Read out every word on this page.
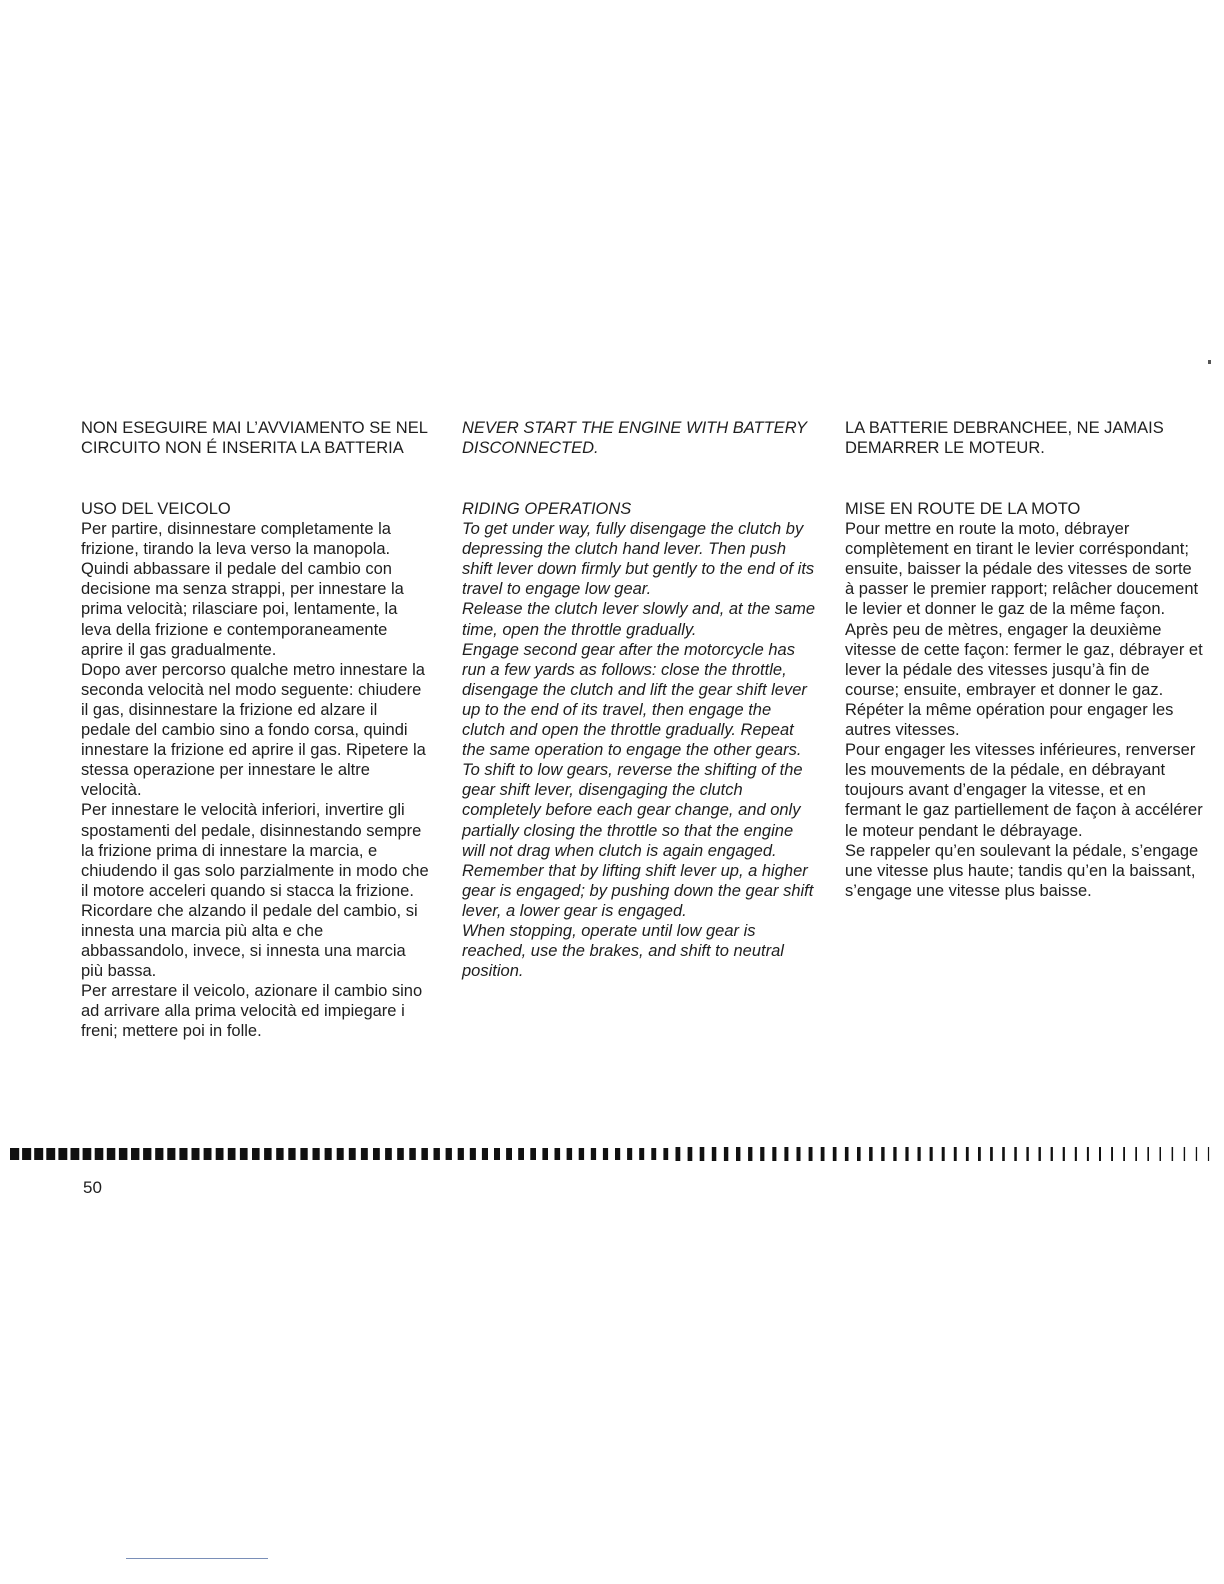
NON ESEGUIRE MAI L’AVVIAMENTO SE NEL CIRCUITO NON É INSERITA LA BATTERIA

USO DEL VEICOLO

Per partire, disinnestare completamente la frizione, tirando la leva verso la manopola. Quindi abbassare il pedale del cambio con decisione ma senza strappi, per innestare la prima velocità; rilasciare poi, lentamente, la leva della frizione e contemporaneamente aprire il gas gradualmente.

Dopo aver percorso qualche metro innestare la seconda velocità nel modo seguente: chiudere il gas, disinnestare la frizione ed alzare il pedale del cambio sino a fondo corsa, quindi innestare la frizione ed aprire il gas. Ripetere la stessa operazione per innestare le altre velocità.

Per innestare le velocità inferiori, invertire gli spostamenti del pedale, disinnestando sempre la frizione prima di innestare la marcia, e chiudendo il gas solo parzialmente in modo che il motore acceleri quando si stacca la frizione.

Ricordare che alzando il pedale del cambio, si innesta una marcia più alta e che abbassandolo, invece, si innesta una marcia più bassa.

Per arrestare il veicolo, azionare il cambio sino ad arrivare alla prima velocità ed impiegare i freni; mettere poi in folle.

NEVER START THE ENGINE WITH BATTERY DISCONNECTED.

RIDING OPERATIONS

To get under way, fully disengage the clutch by depressing the clutch hand lever. Then push shift lever down firmly but gently to the end of its travel to engage low gear.

Release the clutch lever slowly and, at the same time, open the throttle gradually.

Engage second gear after the motorcycle has run a few yards as follows: close the throttle, disengage the clutch and lift the gear shift lever up to the end of its travel, then engage the clutch and open the throttle gradually. Repeat the same operation to engage the other gears.

To shift to low gears, reverse the shifting of the gear shift lever, disengaging the clutch completely before each gear change, and only partially closing the throttle so that the engine will not drag when clutch is again engaged.

Remember that by lifting shift lever up, a higher gear is engaged; by pushing down the gear shift lever, a lower gear is engaged.

When stopping, operate until low gear is reached, use the brakes, and shift to neutral position.

LA BATTERIE DEBRANCHEE, NE JAMAIS DEMARRER LE MOTEUR.

MISE EN ROUTE DE LA MOTO

Pour mettre en route la moto, débrayer complètement en tirant le levier corréspondant; ensuite, baisser la pédale des vitesses de sorte à passer le premier rapport; relâcher doucement le levier et donner le gaz de la même façon.

Après peu de mètres, engager la deuxième vitesse de cette façon: fermer le gaz, débrayer et lever la pédale des vitesses jusqu’à fin de course; ensuite, embrayer et donner le gaz.

Répéter la même opération pour engager les autres vitesses.

Pour engager les vitesses inférieures, renverser les mouvements de la pédale, en débrayant toujours avant d’engager la vitesse, et en fermant le gaz partiellement de façon à accélérer le moteur pendant le débrayage.

Se rappeler qu’en soulevant la pédale, s’engage une vitesse plus haute; tandis qu’en la baissant, s’engage une vitesse plus baisse.

50
